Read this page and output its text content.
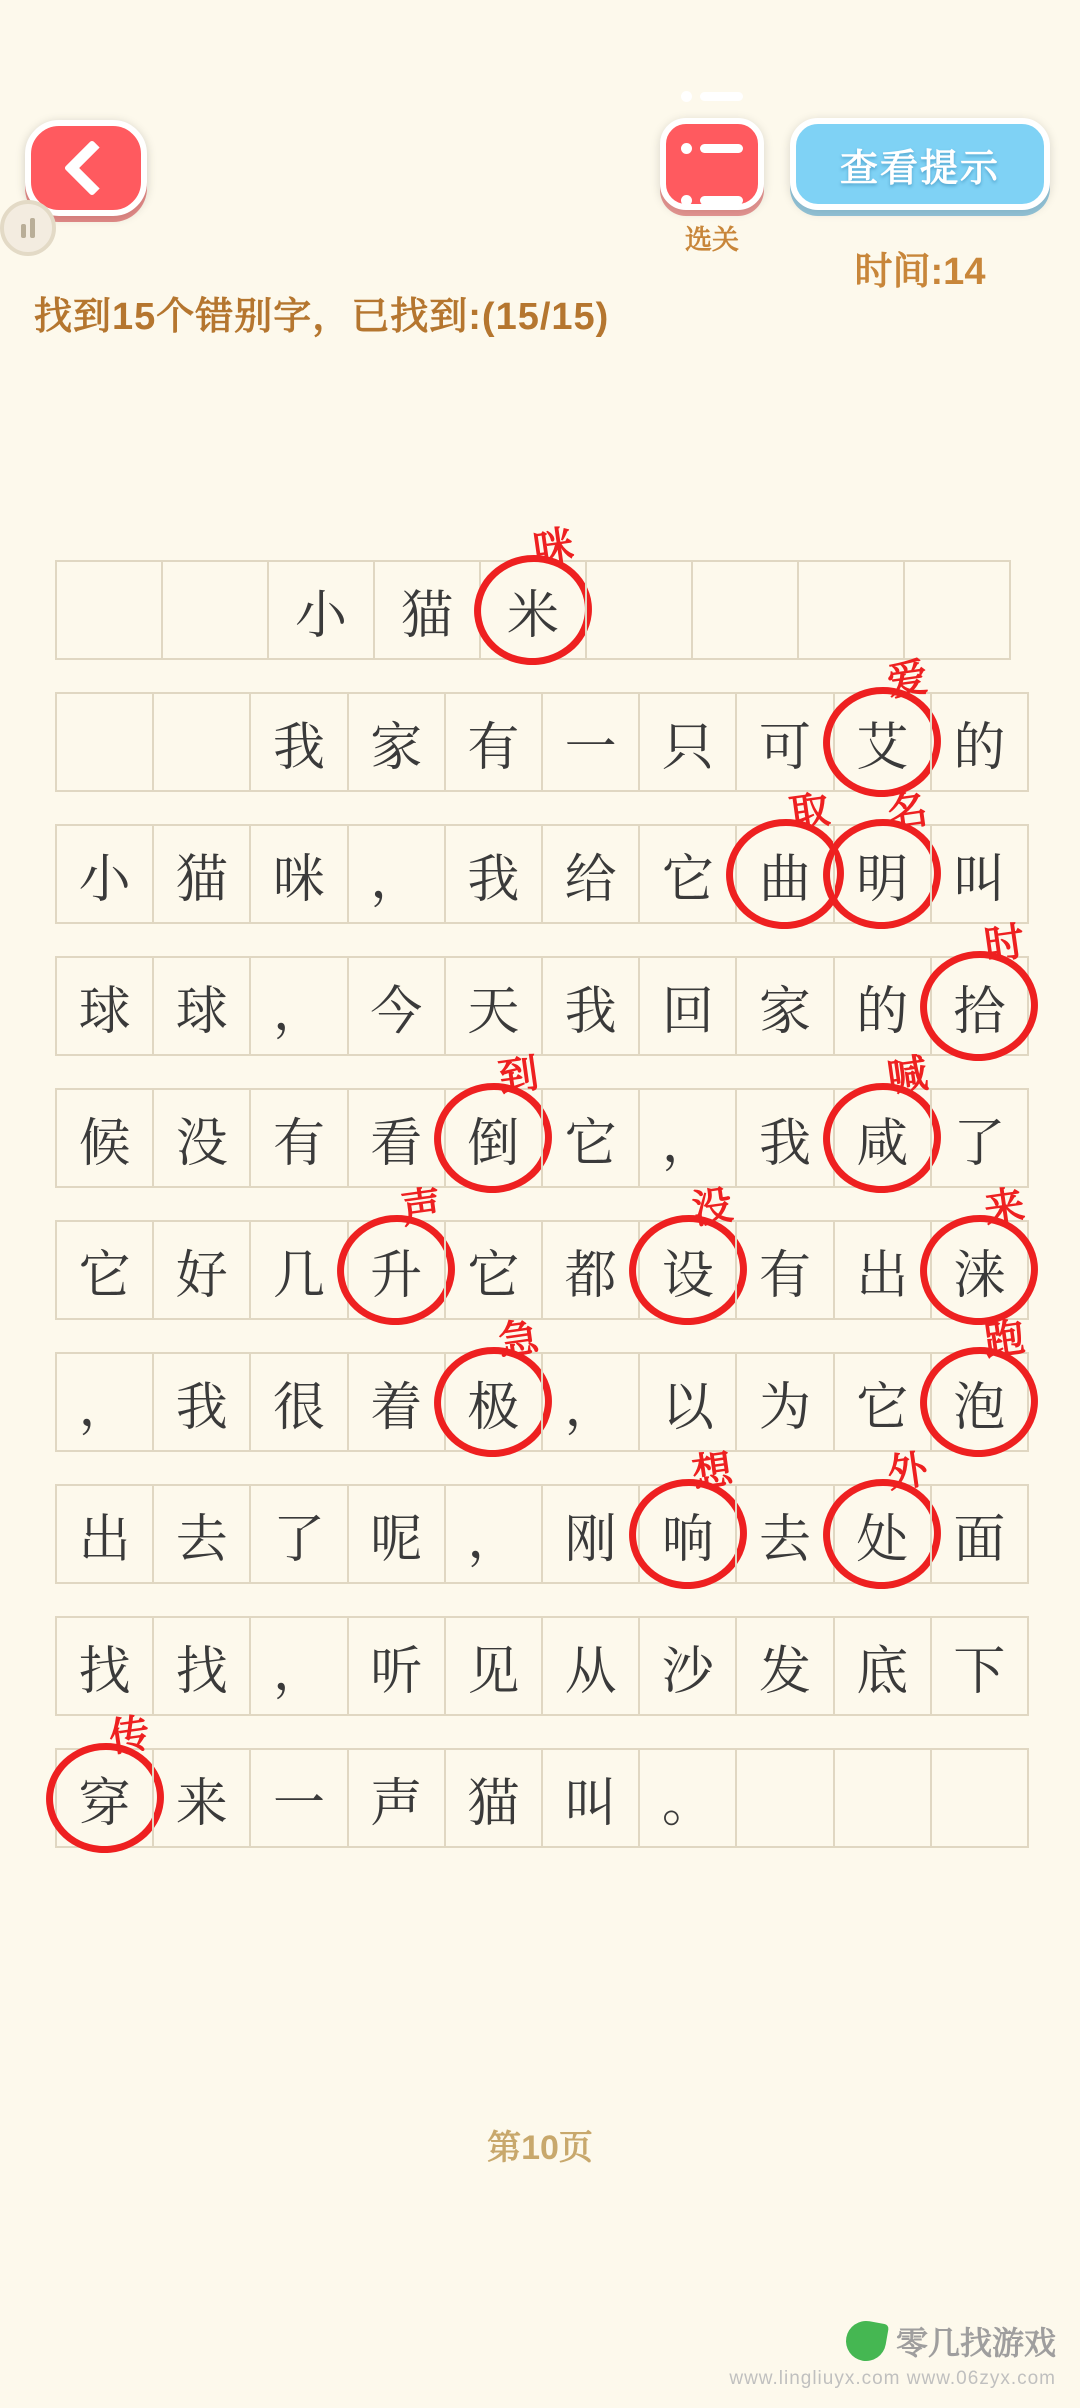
选关
查看提示
时间:14
找到15个错别字，已找到:(15/15)
小	猫	米
咪
我 家 有 一 只 可 艾
爱
的
小 猫 咪 ， 我 给 它 曲
取
明
名
叫
球 球 ， 今 天 我 回 家 的 拾
时
候 没 有 看 倒
到
它 ， 我 咸
喊
了
它 好 几 升
声
它 都 设
没
有 出 涞
来
， 我 很 着 极
急
， 以 为 它 泡
跑
出 去 了 呢 ， 刚 响
想
去 处
外
面
找 找 ， 听 见 从 沙 发 底 下
穿
传
来 一 声 猫 叫 。
第10页
零几找游戏
www.lingliuyx.com www.06zyx.com
